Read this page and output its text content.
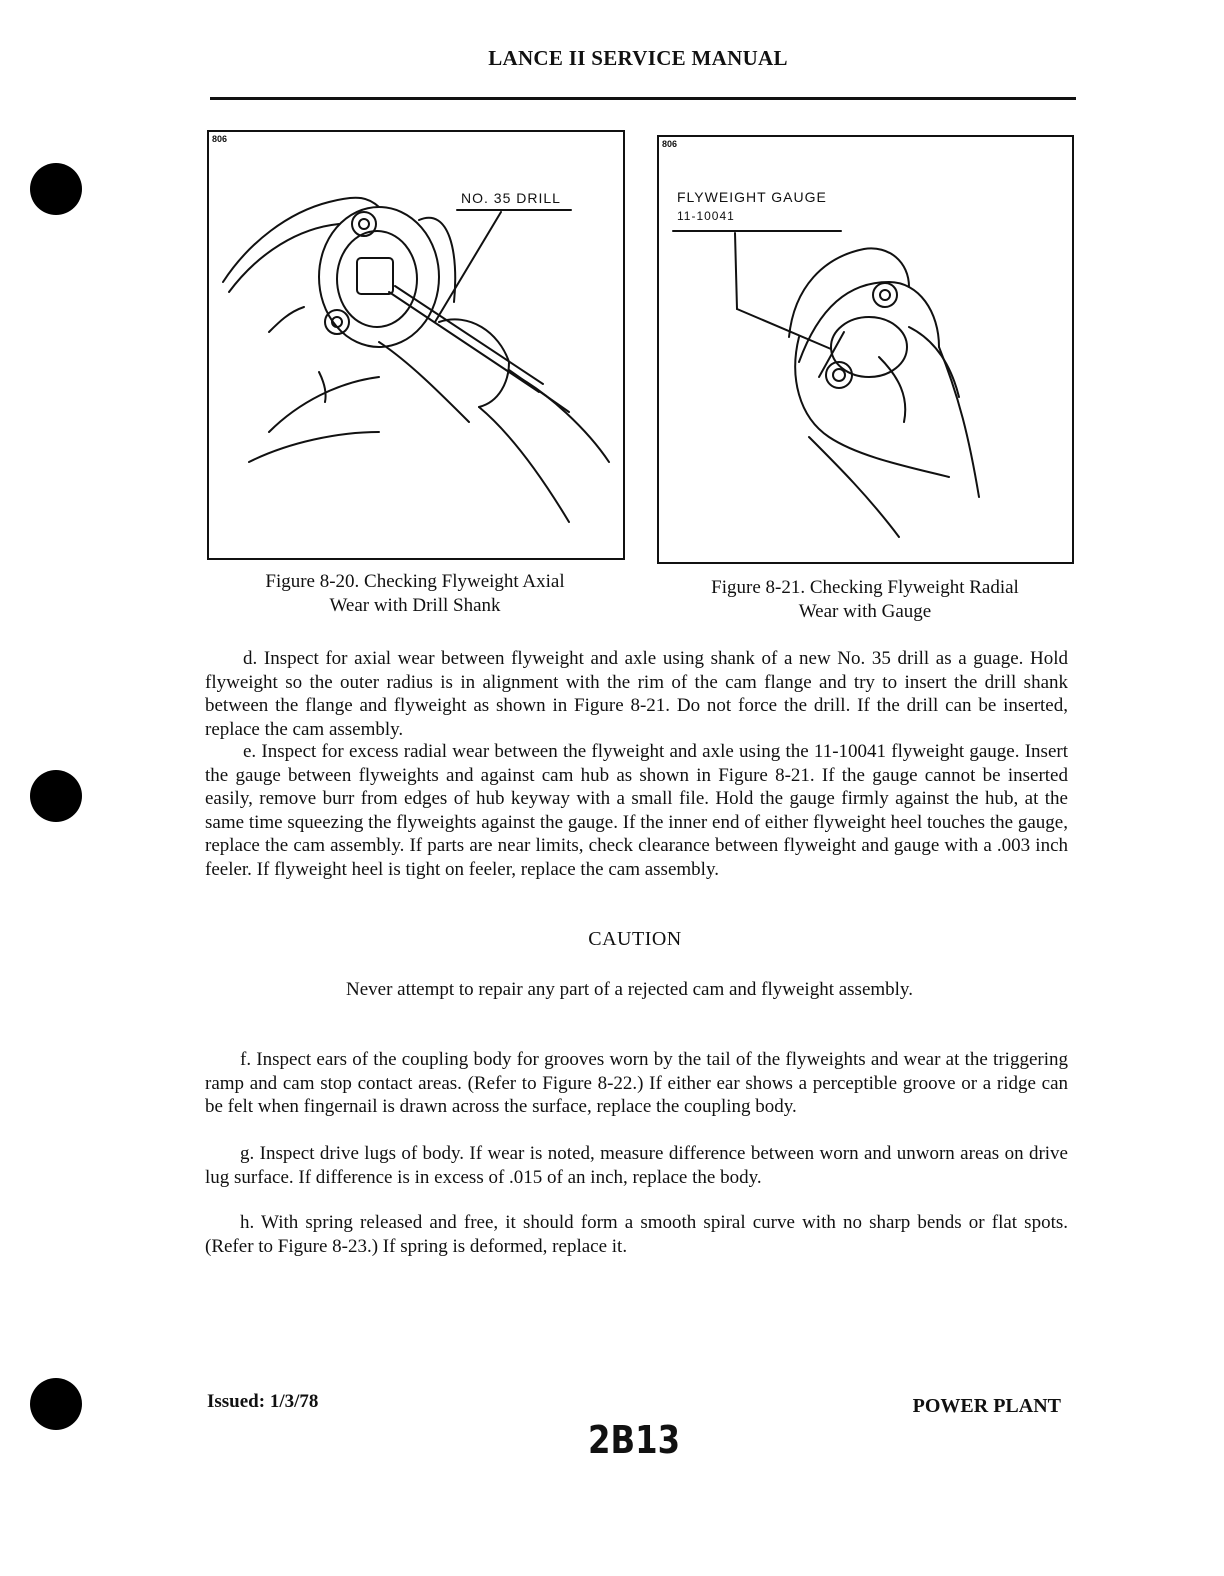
LANCE II SERVICE MANUAL
806
NO. 35 DRILL
806
FLYWEIGHT GAUGE
11-10041
Figure 8-20. Checking Flyweight Axial
Wear with Drill Shank
Figure 8-21. Checking Flyweight Radial
Wear with Gauge

d. Inspect for axial wear between flyweight and axle using shank of a new No. 35 drill as a guage. Hold flyweight so the outer radius is in alignment with the rim of the cam flange and try to insert the drill shank between the flange and flyweight as shown in Figure 8-21. Do not force the drill. If the drill can be inserted, replace the cam assembly.

e. Inspect for excess radial wear between the flyweight and axle using the 11-10041 flyweight gauge. Insert the gauge between flyweights and against cam hub as shown in Figure 8-21. If the gauge cannot be inserted easily, remove burr from edges of hub keyway with a small file. Hold the gauge firmly against the hub, at the same time squeezing the flyweights against the gauge. If the inner end of either flyweight heel touches the gauge, replace the cam assembly. If parts are near limits, check clearance between flyweight and gauge with a .003 inch feeler. If flyweight heel is tight on feeler, replace the cam assembly.

CAUTION
Never attempt to repair any part of a rejected cam and flyweight assembly.

f. Inspect ears of the coupling body for grooves worn by the tail of the flyweights and wear at the triggering ramp and cam stop contact areas. (Refer to Figure 8-22.) If either ear shows a perceptible groove or a ridge can be felt when fingernail is drawn across the surface, replace the coupling body.

g. Inspect drive lugs of body. If wear is noted, measure difference between worn and unworn areas on drive lug surface. If difference is in excess of .015 of an inch, replace the body.

h. With spring released and free, it should form a smooth spiral curve with no sharp bends or flat spots. (Refer to Figure 8-23.) If spring is deformed, replace it.

Issued: 1/3/78	POWER PLANT
2B13
